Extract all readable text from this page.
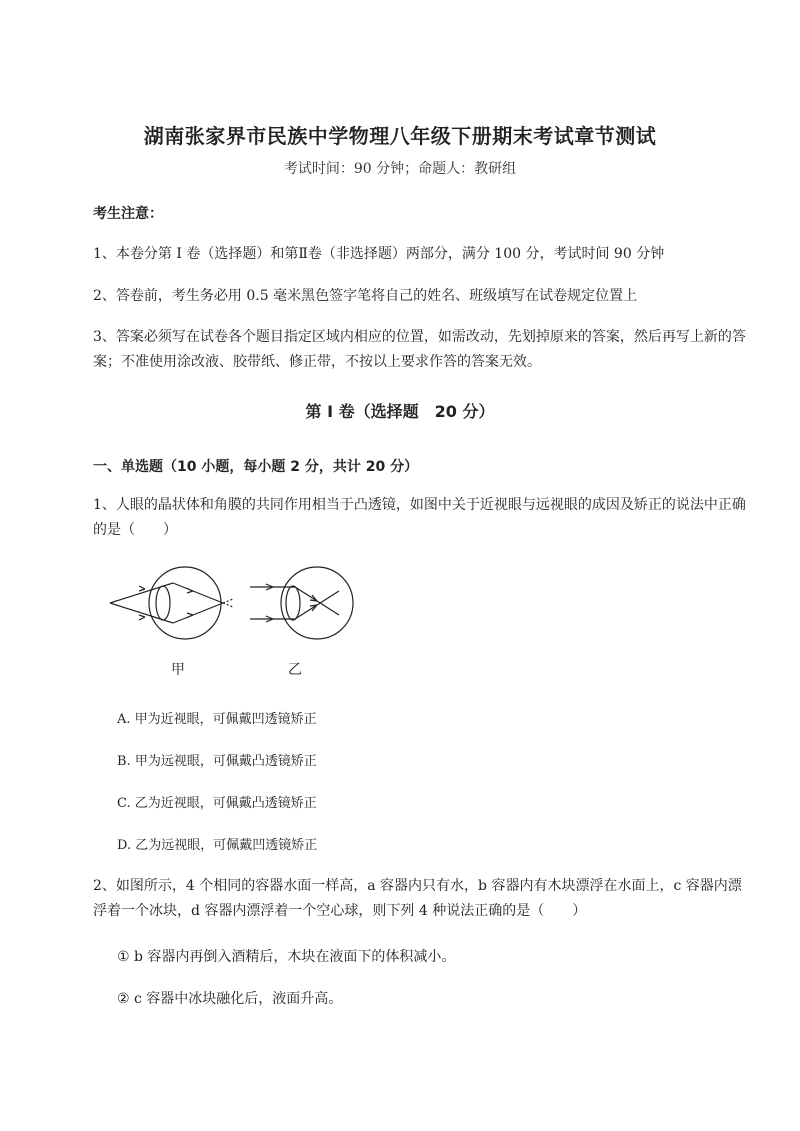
湖南张家界市民族中学物理八年级下册期末考试章节测试
考试时间：90 分钟；命题人：教研组
考生注意：
1、本卷分第 I 卷（选择题）和第Ⅱ卷（非选择题）两部分，满分 100 分，考试时间 90 分钟
2、答卷前，考生务必用 0.5 毫米黑色签字笔将自己的姓名、班级填写在试卷规定位置上
3、答案必须写在试卷各个题目指定区域内相应的位置，如需改动，先划掉原来的答案，然后再写上新的答案；不准使用涂改液、胶带纸、修正带，不按以上要求作答的答案无效。
第 I 卷（选择题　20 分）
一、单选题（10 小题，每小题 2 分，共计 20 分）
1、人眼的晶状体和角膜的共同作用相当于凸透镜，如图中关于近视眼与远视眼的成因及矫正的说法中正确的是（　　）
甲	乙
A. 甲为近视眼，可佩戴凹透镜矫正
B. 甲为远视眼，可佩戴凸透镜矫正
C. 乙为近视眼，可佩戴凸透镜矫正
D. 乙为远视眼，可佩戴凹透镜矫正
2、如图所示，4 个相同的容器水面一样高，a 容器内只有水，b 容器内有木块漂浮在水面上，c 容器内漂浮着一个冰块，d 容器内漂浮着一个空心球，则下列 4 种说法正确的是（　　）
① b 容器内再倒入酒精后，木块在液面下的体积减小。
② c 容器中冰块融化后，液面升高。
